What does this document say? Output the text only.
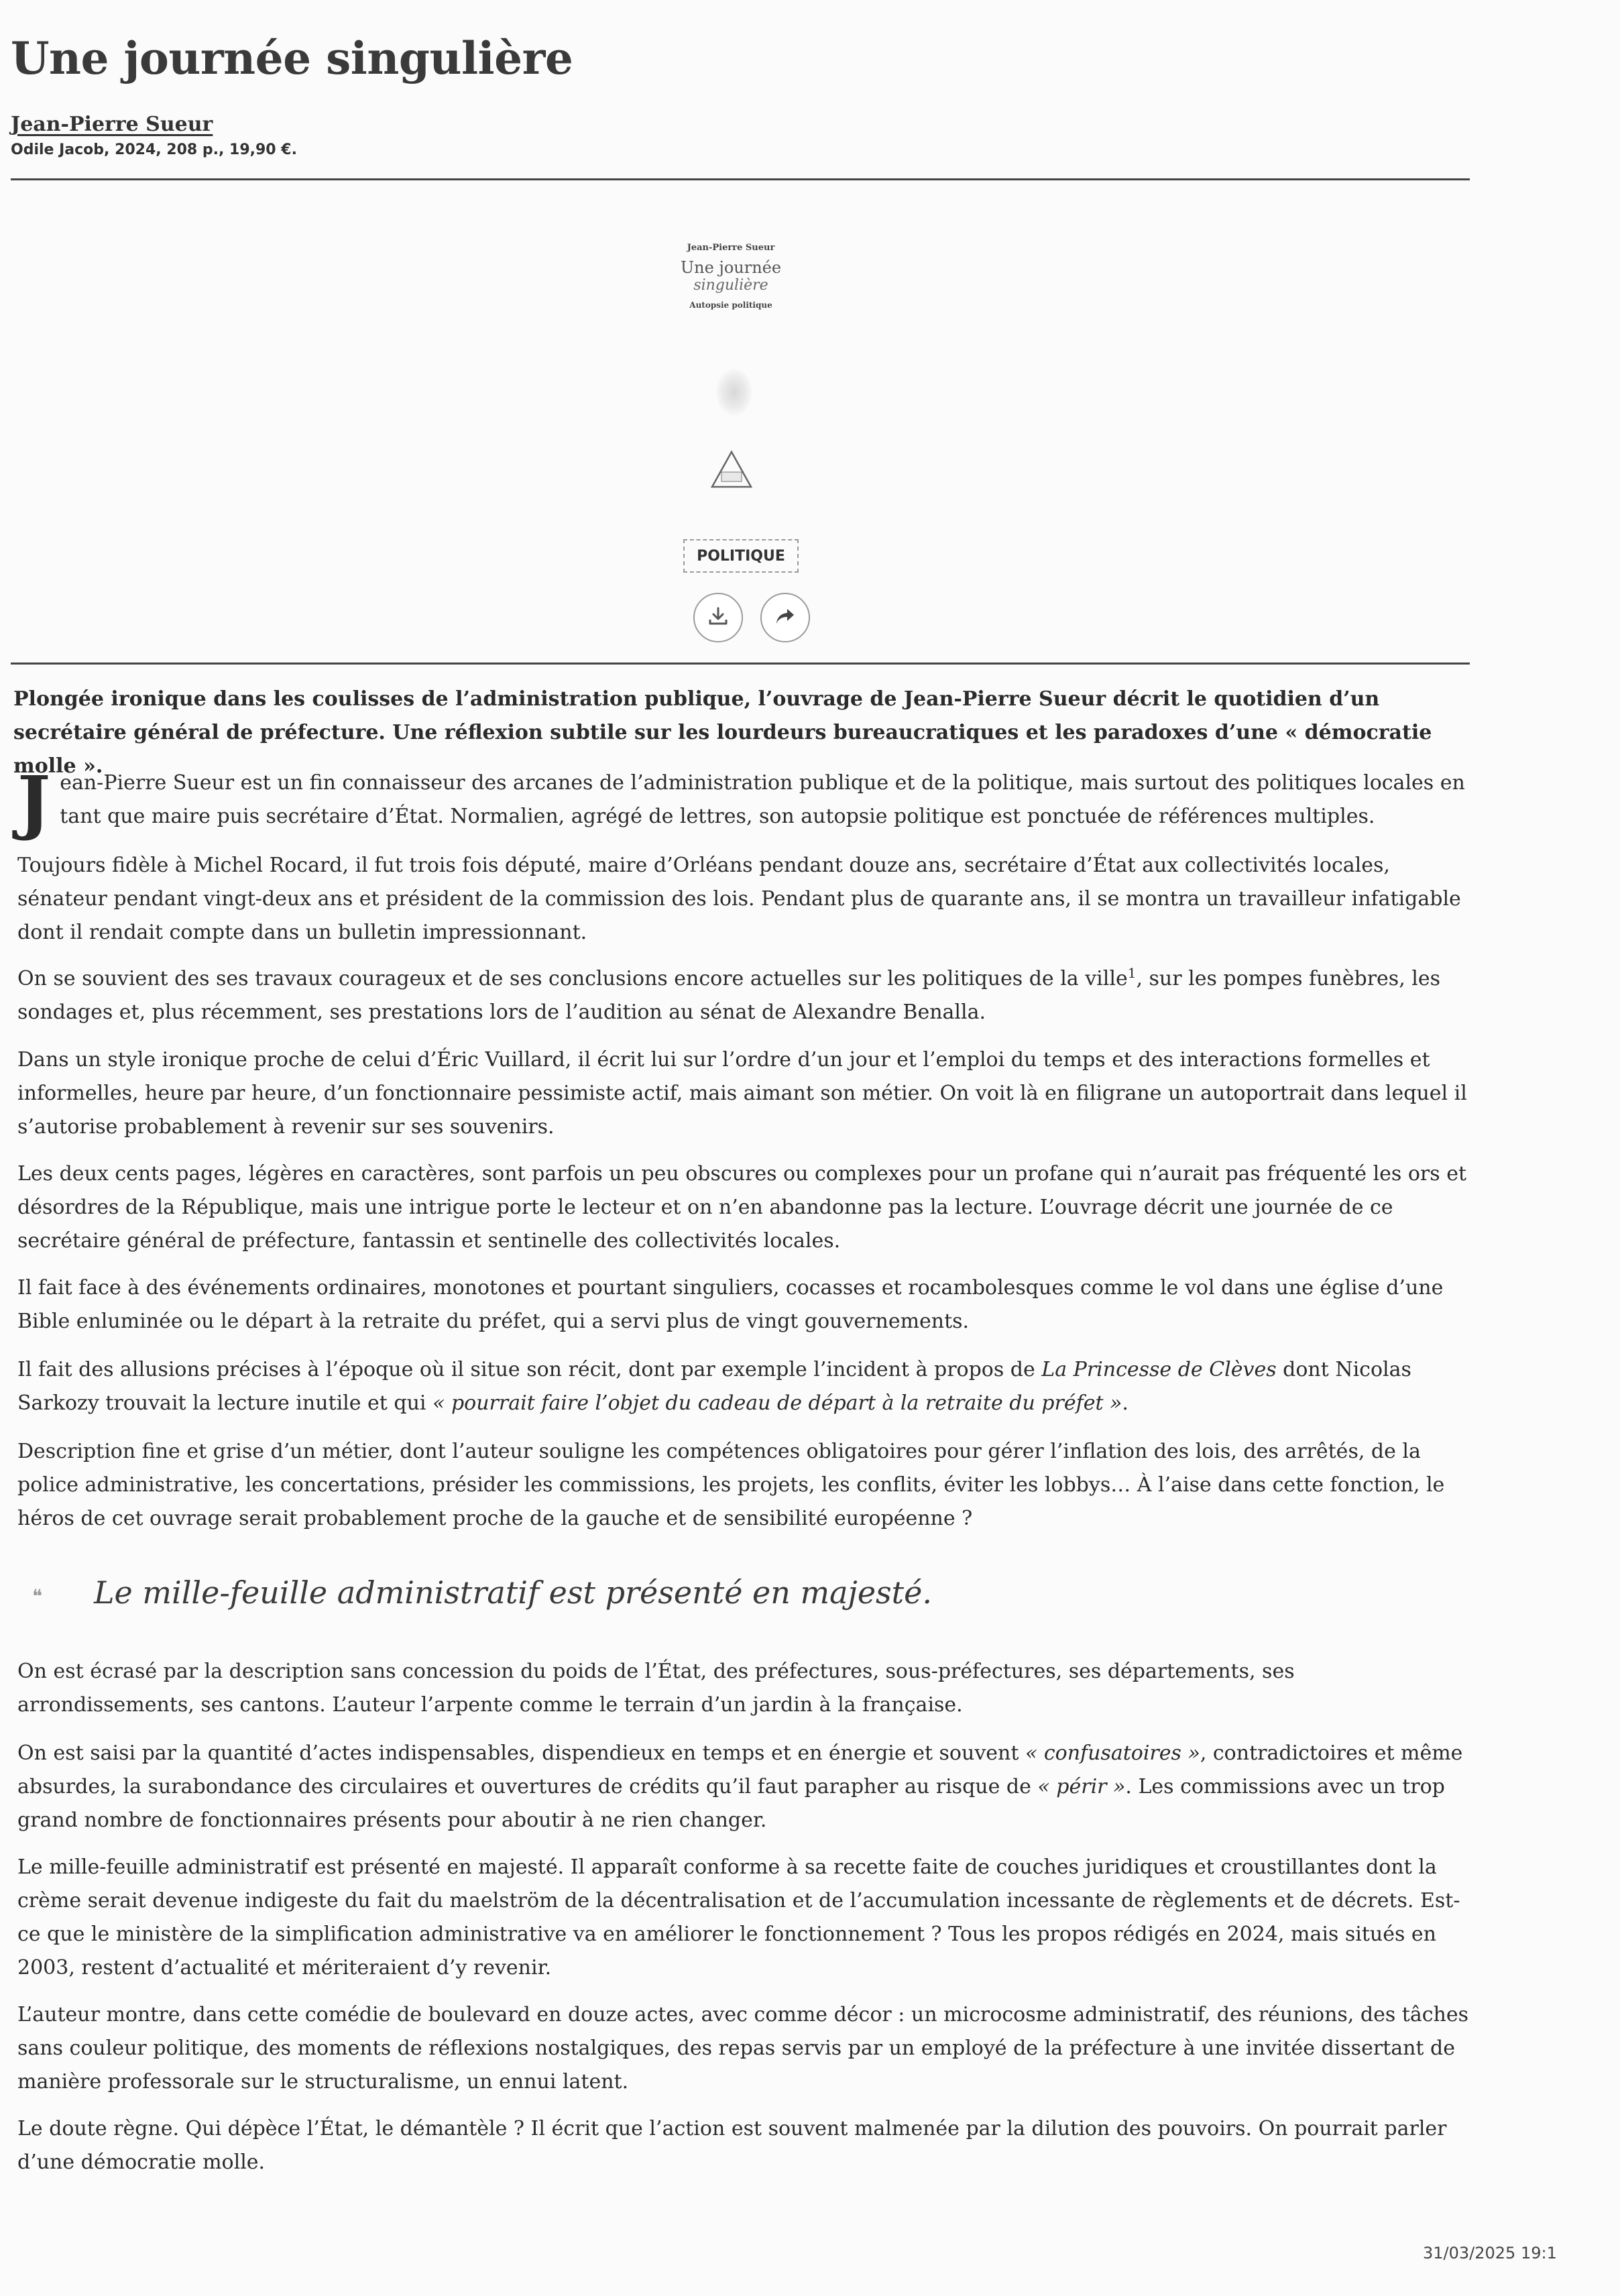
Une journée singulière
Jean-Pierre Sueur
Odile Jacob, 2024, 208 p., 19,90 €.
Jean-Pierre Sueur
Une journée
singulière
Autopsie politique
POLITIQUE

Plongée ironique dans les coulisses de l’administration publique, l’ouvrage de Jean-Pierre Sueur décrit le quotidien d’un secrétaire général de préfecture. Une réflexion subtile sur les lourdeurs bureaucratiques et les paradoxes d’une « démocratie molle ».

Jean-Pierre Sueur est un fin connaisseur des arcanes de l’administration publique et de la politique, mais surtout des politiques locales en tant que maire puis secrétaire d’État. Normalien, agrégé de lettres, son autopsie politique est ponctuée de références multiples.

Toujours fidèle à Michel Rocard, il fut trois fois député, maire d’Orléans pendant douze ans, secrétaire d’État aux collectivités locales, sénateur pendant vingt-deux ans et président de la commission des lois. Pendant plus de quarante ans, il se montra un travailleur infatigable dont il rendait compte dans un bulletin impressionnant.

On se souvient des ses travaux courageux et de ses conclusions encore actuelles sur les politiques de la ville$^1$, sur les pompes funèbres, les sondages et, plus récemment, ses prestations lors de l’audition au sénat de Alexandre Benalla.

Dans un style ironique proche de celui d’Éric Vuillard, il écrit lui sur l’ordre d’un jour et l’emploi du temps et des interactions formelles et informelles, heure par heure, d’un fonctionnaire pessimiste actif, mais aimant son métier. On voit là en filigrane un autoportrait dans lequel il s’autorise probablement à revenir sur ses souvenirs.

Les deux cents pages, légères en caractères, sont parfois un peu obscures ou complexes pour un profane qui n’aurait pas fréquenté les ors et désordres de la République, mais une intrigue porte le lecteur et on n’en abandonne pas la lecture. L’ouvrage décrit une journée de ce secrétaire général de préfecture, fantassin et sentinelle des collectivités locales.

Il fait face à des événements ordinaires, monotones et pourtant singuliers, cocasses et rocambolesques comme le vol dans une église d’une Bible enluminée ou le départ à la retraite du préfet, qui a servi plus de vingt gouvernements.

Il fait des allusions précises à l’époque où il situe son récit, dont par exemple l’incident à propos de La Princesse de Clèves dont Nicolas Sarkozy trouvait la lecture inutile et qui « pourrait faire l’objet du cadeau de départ à la retraite du préfet ».

Description fine et grise d’un métier, dont l’auteur souligne les compétences obligatoires pour gérer l’inflation des lois, des arrêtés, de la police administrative, les concertations, présider les commissions, les projets, les conflits, éviter les lobbys… À l’aise dans cette fonction, le héros de cet ouvrage serait probablement proche de la gauche et de sensibilité européenne ?

❝ Le mille-feuille administratif est présenté en majesté.

On est écrasé par la description sans concession du poids de l’État, des préfectures, sous-préfectures, ses départements, ses arrondissements, ses cantons. L’auteur l’arpente comme le terrain d’un jardin à la française.

On est saisi par la quantité d’actes indispensables, dispendieux en temps et en énergie et souvent « confusatoires », contradictoires et même absurdes, la surabondance des circulaires et ouvertures de crédits qu’il faut parapher au risque de « périr ». Les commissions avec un trop grand nombre de fonctionnaires présents pour aboutir à ne rien changer.

Le mille-feuille administratif est présenté en majesté. Il apparaît conforme à sa recette faite de couches juridiques et croustillantes dont la crème serait devenue indigeste du fait du maelström de la décentralisation et de l’accumulation incessante de règlements et de décrets. Est-ce que le ministère de la simplification administrative va en améliorer le fonctionnement ? Tous les propos rédigés en 2024, mais situés en 2003, restent d’actualité et mériteraient d’y revenir.

L’auteur montre, dans cette comédie de boulevard en douze actes, avec comme décor : un microcosme administratif, des réunions, des tâches sans couleur politique, des moments de réflexions nostalgiques, des repas servis par un employé de la préfecture à une invitée dissertant de manière professorale sur le structuralisme, un ennui latent.

Le doute règne. Qui dépèce l’État, le démantèle ? Il écrit que l’action est souvent malmenée par la dilution des pouvoirs. On pourrait parler d’une démocratie molle.

31/03/2025 19:1
